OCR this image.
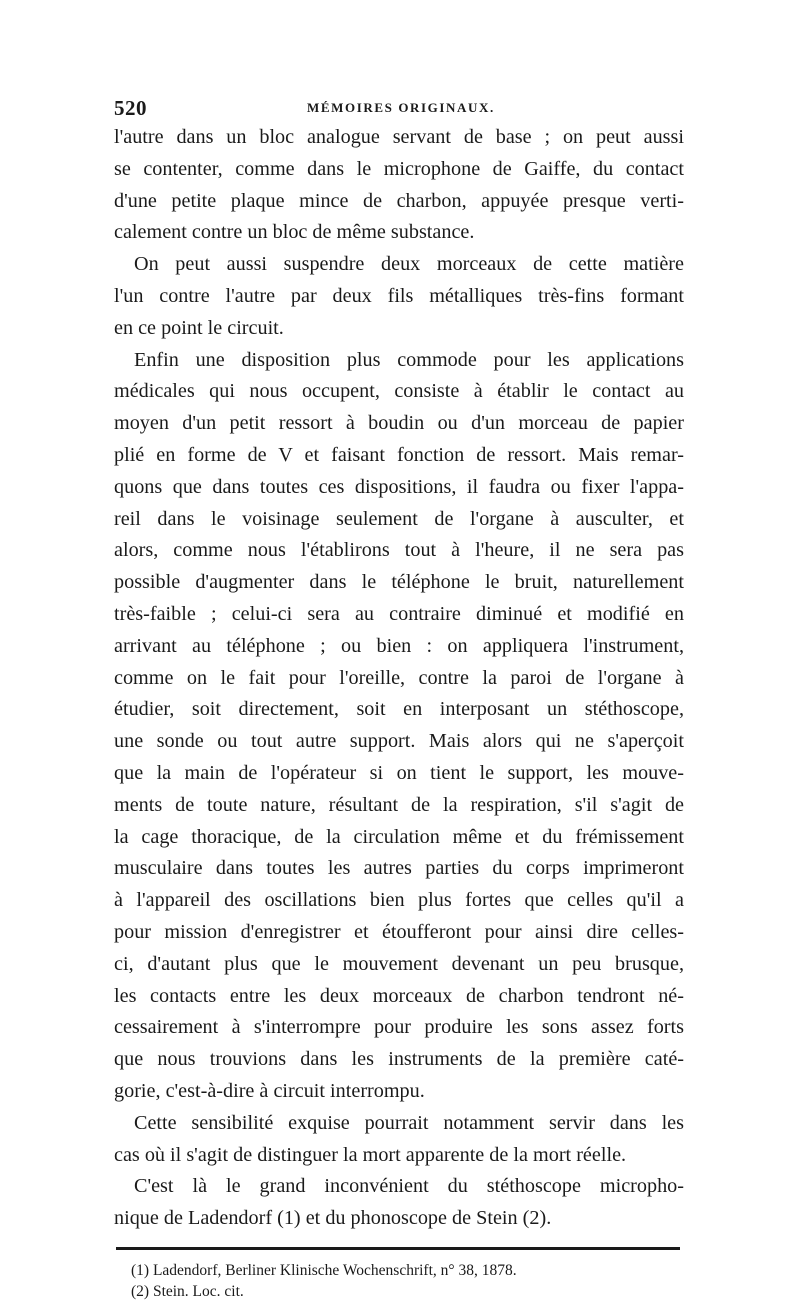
520	MÉMOIRES ORIGINAUX.
l'autre dans un bloc analogue servant de base ; on peut aussi
se contenter, comme dans le microphone de Gaiffe, du contact
d'une petite plaque mince de charbon, appuyée presque verti-
calement contre un bloc de même substance.
On peut aussi suspendre deux morceaux de cette matière
l'un contre l'autre par deux fils métalliques très-fins formant
en ce point le circuit.
Enfin une disposition plus commode pour les applications
médicales qui nous occupent, consiste à établir le contact au
moyen d'un petit ressort à boudin ou d'un morceau de papier
plié en forme de V et faisant fonction de ressort. Mais remar-
quons que dans toutes ces dispositions, il faudra ou fixer l'appa-
reil dans le voisinage seulement de l'organe à ausculter, et
alors, comme nous l'établirons tout à l'heure, il ne sera pas
possible d'augmenter dans le téléphone le bruit, naturellement
très-faible ; celui-ci sera au contraire diminué et modifié en
arrivant au téléphone ; ou bien : on appliquera l'instrument,
comme on le fait pour l'oreille, contre la paroi de l'organe à
étudier, soit directement, soit en interposant un stéthoscope,
une sonde ou tout autre support. Mais alors qui ne s'aperçoit
que la main de l'opérateur si on tient le support, les mouve-
ments de toute nature, résultant de la respiration, s'il s'agit de
la cage thoracique, de la circulation même et du frémissement
musculaire dans toutes les autres parties du corps imprimeront
à l'appareil des oscillations bien plus fortes que celles qu'il a
pour mission d'enregistrer et étoufferont pour ainsi dire celles-
ci, d'autant plus que le mouvement devenant un peu brusque,
les contacts entre les deux morceaux de charbon tendront né-
cessairement à s'interrompre pour produire les sons assez forts
que nous trouvions dans les instruments de la première caté-
gorie, c'est-à-dire à circuit interrompu.
Cette sensibilité exquise pourrait notamment servir dans les
cas où il s'agit de distinguer la mort apparente de la mort réelle.
C'est là le grand inconvénient du stéthoscope micropho-
nique de Ladendorf (1) et du phonoscope de Stein (2).
(1) Ladendorf, Berliner Klinische Wochenschrift, n° 38, 1878.
(2) Stein. Loc. cit.
